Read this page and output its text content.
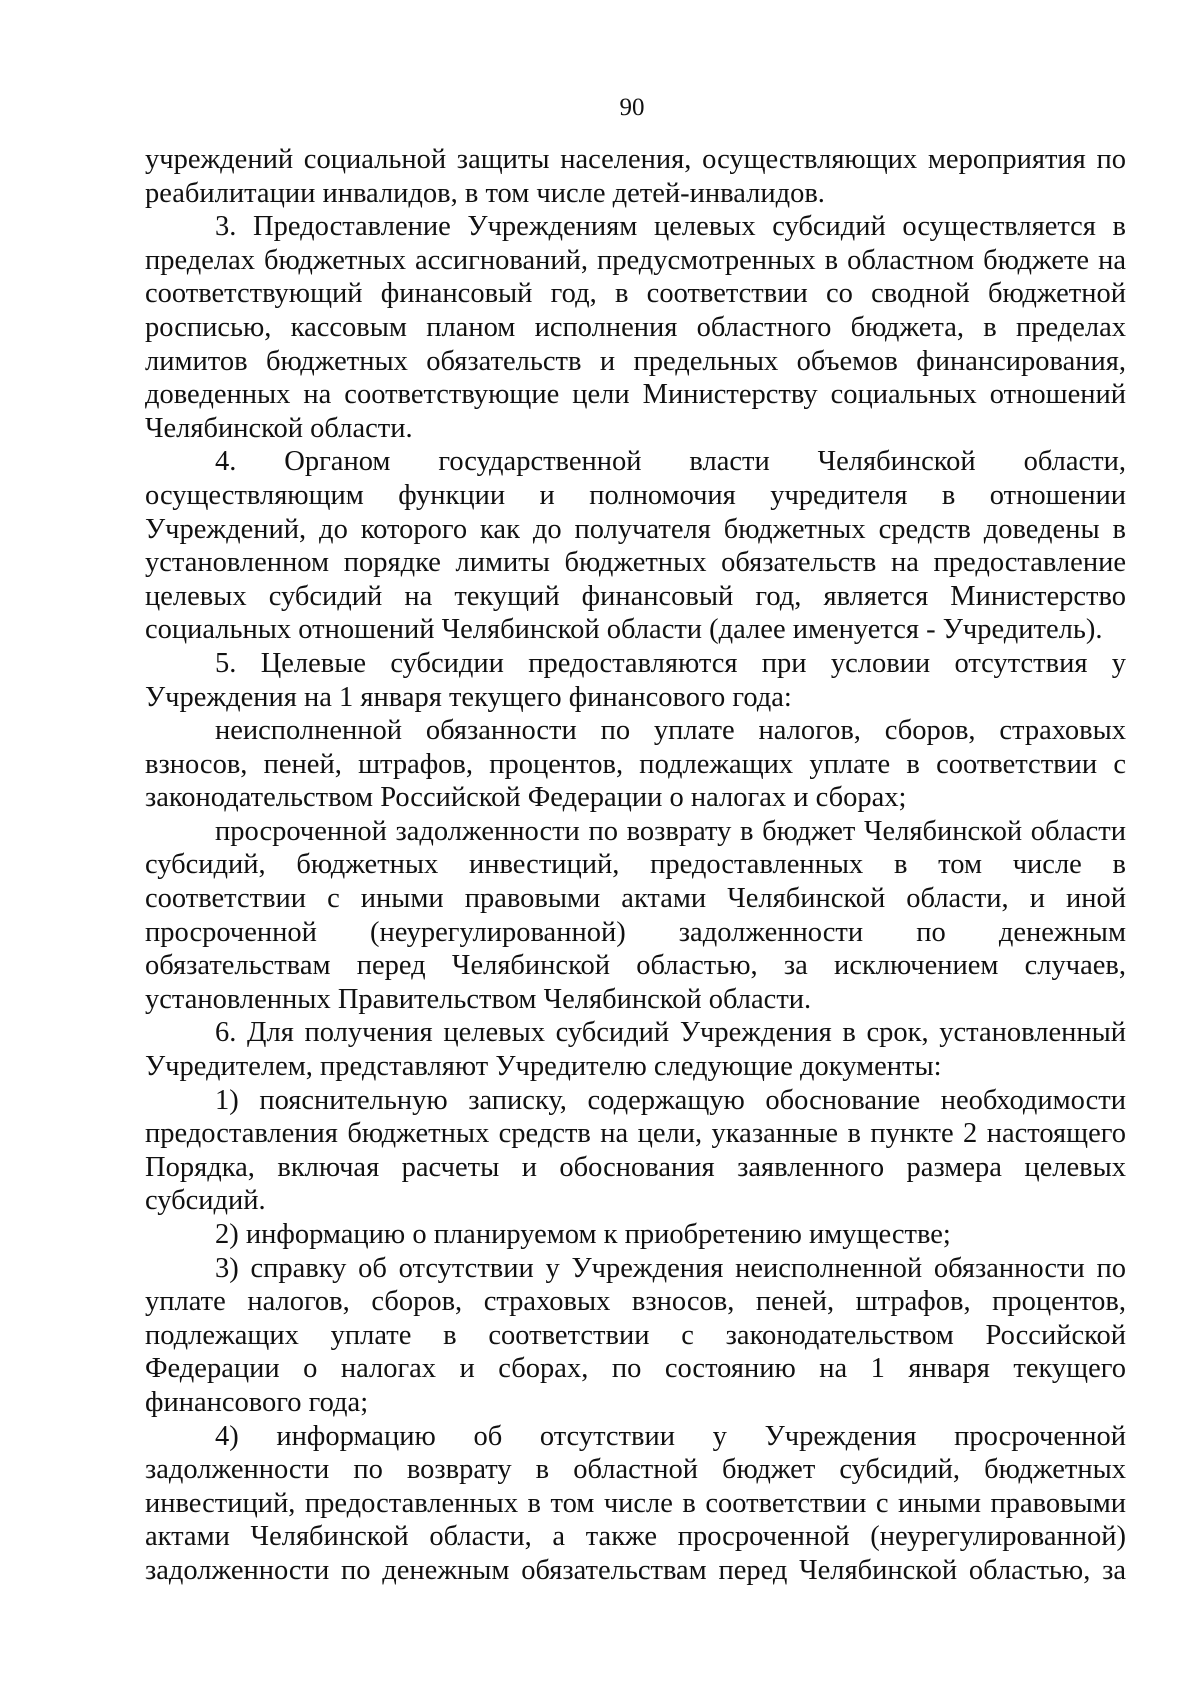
90

учреждений социальной защиты населения, осуществляющих мероприятия по

реабилитации инвалидов, в том числе детей-инвалидов.

3. Предоставление Учреждениям целевых субсидий осуществляется в

пределах бюджетных ассигнований, предусмотренных в областном бюджете на

соответствующий финансовый год, в соответствии со сводной бюджетной

росписью, кассовым планом исполнения областного бюджета, в пределах

лимитов бюджетных обязательств и предельных объемов финансирования,

доведенных на соответствующие цели Министерству социальных отношений

Челябинской области.

4. Органом государственной власти Челябинской области,

осуществляющим функции и полномочия учредителя в отношении

Учреждений, до которого как до получателя бюджетных средств доведены в

установленном порядке лимиты бюджетных обязательств на предоставление

целевых субсидий на текущий финансовый год, является Министерство

социальных отношений Челябинской области (далее именуется - Учредитель).

5. Целевые субсидии предоставляются при условии отсутствия у

Учреждения на 1 января текущего финансового года:

неисполненной обязанности по уплате налогов, сборов, страховых

взносов, пеней, штрафов, процентов, подлежащих уплате в соответствии с

законодательством Российской Федерации о налогах и сборах;

просроченной задолженности по возврату в бюджет Челябинской области

субсидий, бюджетных инвестиций, предоставленных в том числе в

соответствии с иными правовыми актами Челябинской области, и иной

просроченной (неурегулированной) задолженности по денежным

обязательствам перед Челябинской областью, за исключением случаев,

установленных Правительством Челябинской области.

6. Для получения целевых субсидий Учреждения в срок, установленный

Учредителем, представляют Учредителю следующие документы:

1) пояснительную записку, содержащую обоснование необходимости

предоставления бюджетных средств на цели, указанные в пункте 2 настоящего

Порядка, включая расчеты и обоснования заявленного размера целевых

субсидий.

2) информацию о планируемом к приобретению имуществе;

3) справку об отсутствии у Учреждения неисполненной обязанности по

уплате налогов, сборов, страховых взносов, пеней, штрафов, процентов,

подлежащих уплате в соответствии с законодательством Российской

Федерации о налогах и сборах, по состоянию на 1 января текущего

финансового года;

4) информацию об отсутствии у Учреждения просроченной

задолженности по возврату в областной бюджет субсидий, бюджетных

инвестиций, предоставленных в том числе в соответствии с иными правовыми

актами Челябинской области, а также просроченной (неурегулированной)

задолженности по денежным обязательствам перед Челябинской областью, за
